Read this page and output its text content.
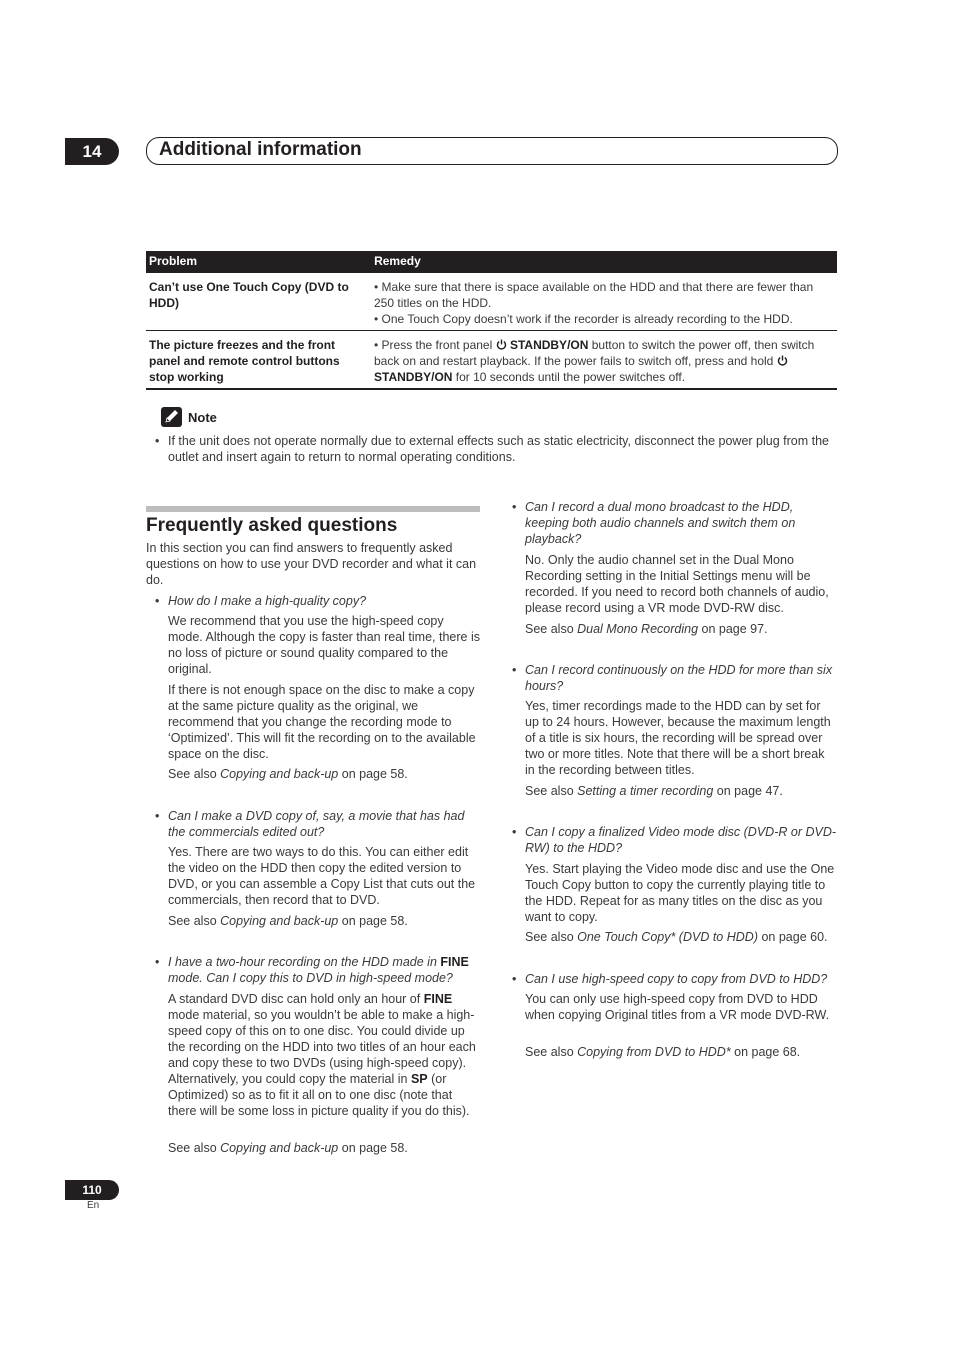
14	Additional information
Problem	Remedy
Can’t use One Touch Copy (DVD to HDD)
• Make sure that there is space available on the HDD and that there are fewer than 250 titles on the HDD.
• One Touch Copy doesn’t work if the recorder is already recording to the HDD.
The picture freezes and the front panel and remote control buttons stop working
• Press the front panel  STANDBY/ON button to switch the power off, then switch back on and restart playback. If the power fails to switch off, press and hold  STANDBY/ON for 10 seconds until the power switches off.
Note
• If the unit does not operate normally due to external effects such as static electricity, disconnect the power plug from the outlet and insert again to return to normal operating conditions.
Frequently asked questions
In this section you can find answers to frequently asked questions on how to use your DVD recorder and what it can do.
• How do I make a high-quality copy?
We recommend that you use the high-speed copy mode. Although the copy is faster than real time, there is no loss of picture or sound quality compared to the original.
If there is not enough space on the disc to make a copy at the same picture quality as the original, we recommend that you change the recording mode to ‘Optimized’. This will fit the recording on to the available space on the disc.
See also Copying and back-up on page 58.
• Can I make a DVD copy of, say, a movie that has had the commercials edited out?
Yes. There are two ways to do this. You can either edit the video on the HDD then copy the edited version to DVD, or you can assemble a Copy List that cuts out the commercials, then record that to DVD.
See also Copying and back-up on page 58.
• I have a two-hour recording on the HDD made in FINE mode. Can I copy this to DVD in high-speed mode?
A standard DVD disc can hold only an hour of FINE mode material, so you wouldn’t be able to make a high-speed copy of this on to one disc. You could divide up the recording on the HDD into two titles of an hour each and copy these to two DVDs (using high-speed copy). Alternatively, you could copy the material in SP (or Optimized) so as to fit it all on to one disc (note that there will be some loss in picture quality if you do this).
See also Copying and back-up on page 58.
• Can I record a dual mono broadcast to the HDD, keeping both audio channels and switch them on playback?
No. Only the audio channel set in the Dual Mono Recording setting in the Initial Settings menu will be recorded. If you need to record both channels of audio, please record using a VR mode DVD-RW disc.
See also Dual Mono Recording on page 97.
• Can I record continuously on the HDD for more than six hours?
Yes, timer recordings made to the HDD can by set for up to 24 hours. However, because the maximum length of a title is six hours, the recording will be spread over two or more titles. Note that there will be a short break in the recording between titles.
See also Setting a timer recording on page 47.
• Can I copy a finalized Video mode disc (DVD-R or DVD-RW) to the HDD?
Yes. Start playing the Video mode disc and use the One Touch Copy button to copy the currently playing title to the HDD. Repeat for as many titles on the disc as you want to copy.
See also One Touch Copy* (DVD to HDD) on page 60.
• Can I use high-speed copy to copy from DVD to HDD?
You can only use high-speed copy from DVD to HDD when copying Original titles from a VR mode DVD-RW.
See also Copying from DVD to HDD* on page 68.
110
En
